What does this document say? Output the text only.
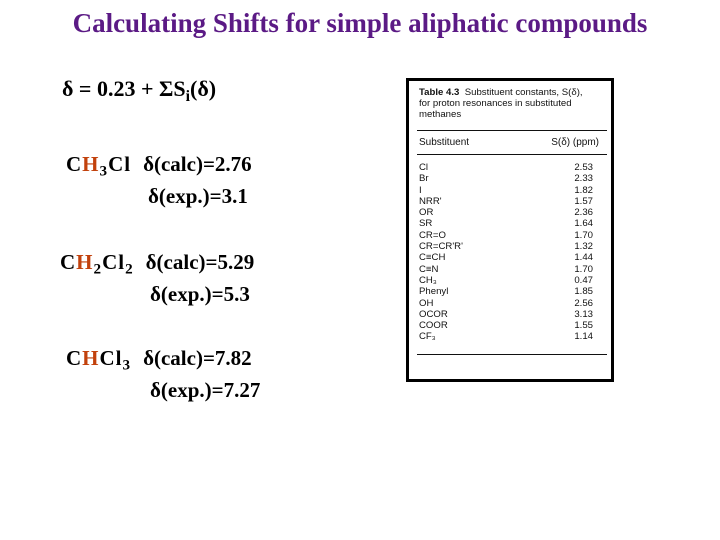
Calculating Shifts for simple aliphatic compounds
$\delta = 0.23 + \Sigma S_i(\delta)$
$CH_3Cl$ δ(calc)=2.76
δ(exp.)=3.1
$CH_2Cl_2$ δ(calc)=5.29
δ(exp.)=5.3
CHCl$_3$ δ(calc)=7.82
δ(exp.)=7.27
Table 4.3 Substituent constants, S(δ),
for proton resonances in substituted
methanes
Substituent	S(δ) (ppm)
Cl	2.53
Br	2.33
I	1.82
NRR'	1.57
OR	2.36
SR	1.64
CR=O	1.70
CR=CR'R'	1.32
C≡CH	1.44
C≡N	1.70
CH₃	0.47
Phenyl	1.85
OH	2.56
OCOR	3.13
COOR	1.55
CF₃	1.14
